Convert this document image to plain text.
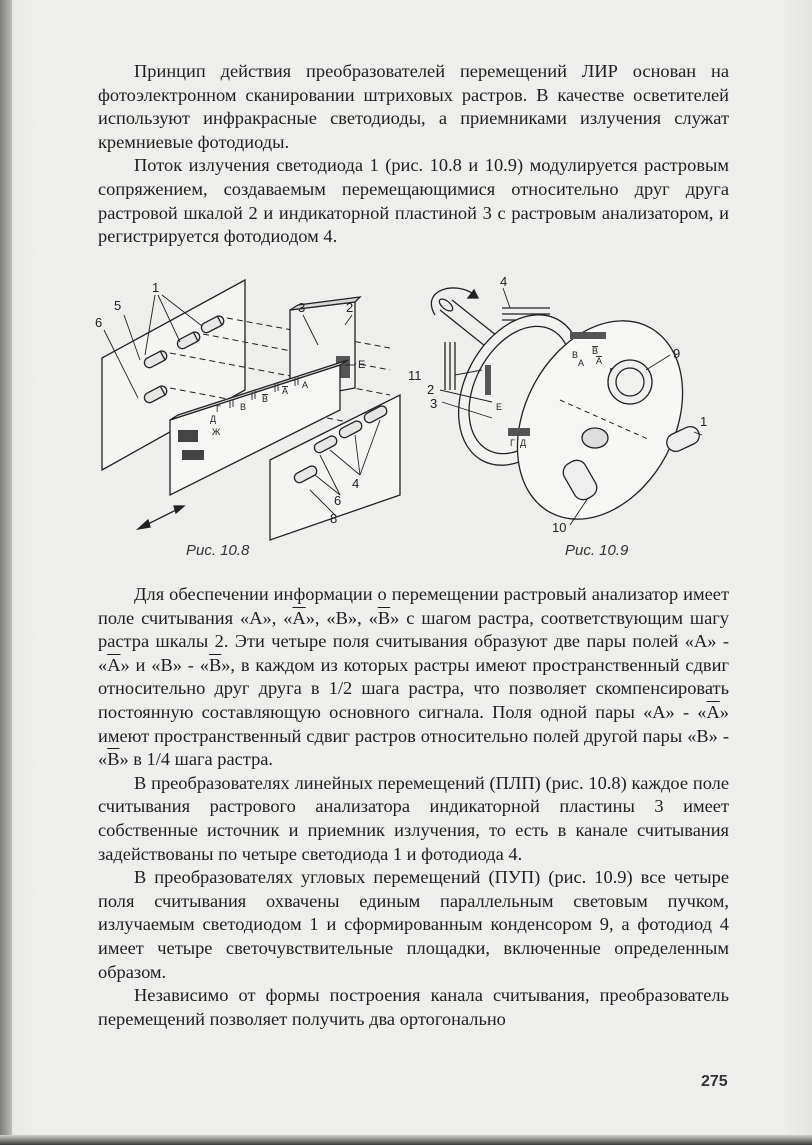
Принцип действия преобразователей перемещений ЛИР основан на фотоэлектронном сканировании штриховых растров. В качестве осветителей используют инфракрасные светодиоды, а приемниками излучения служат кремниевые фотодиоды.

Поток излучения светодиода 1 (рис. 10.8 и 10.9) модулируется растровым сопряжением, создаваемым перемещающимися относительно друг друга растровой шкалой 2 и индикаторной пластиной 3 с растровым анализатором, и регистрируется фотодиодом 4.

1
5
6
3	2
Е
4
6
8
Д
Г
Ж
В
В
А
А
4
9
1
11
2
3
10
Е
В В
А А
Г Д
Рис. 10.8	Рис. 10.9

Для обеспечении информации о перемещении растровый анализатор имеет поле считывания «А», «А», «В», «В» с шагом растра, соответствующим шагу растра шкалы 2. Эти четыре поля считывания образуют две пары полей «А» - «А» и «В» - «В», в каждом из которых растры имеют пространственный сдвиг относительно друг друга в 1/2 шага растра, что позволяет скомпенсировать постоянную составляющую основного сигнала. Поля одной пары «А» - «А» имеют пространственный сдвиг растров относительно полей другой пары «В» - «В» в 1/4 шага растра.

В преобразователях линейных перемещений (ПЛП) (рис. 10.8) каждое поле считывания растрового анализатора индикаторной пластины 3 имеет собственные источник и приемник излучения, то есть в канале считывания задействованы по четыре светодиода 1 и фотодиода 4.

В преобразователях угловых перемещений (ПУП) (рис. 10.9) все четыре поля считывания охвачены единым параллельным световым пучком, излучаемым светодиодом 1 и сформированным конденсором 9, а фотодиод 4 имеет четыре светочувствительные площадки, включенные определенным образом.

Независимо от формы построения канала считывания, преобразователь перемещений позволяет получить два ортогонально

275
